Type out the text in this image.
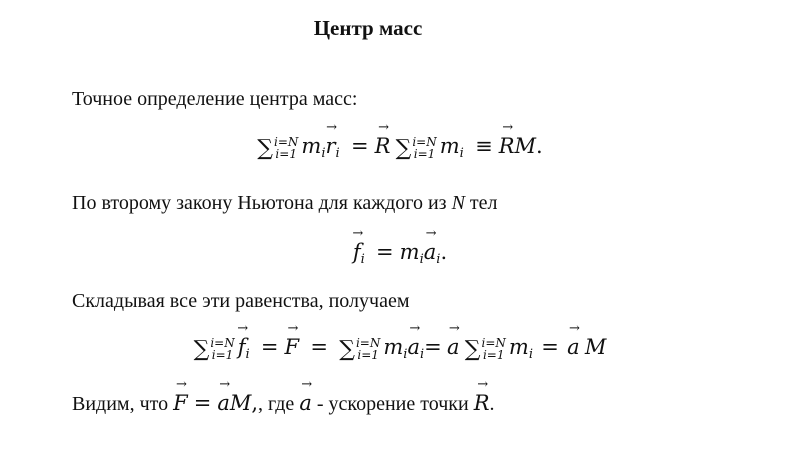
Центр масс
Точное определение центра масс:
∑ i=N
i=1 $m_i\to r_i =\to R$ ∑ i=N
i=1 $m_i$ ≡→ RM.
По второму закону Ньютона для каждого из N тел
→ $f_i = m_i\to a_i$.
Складывая все эти равенства, получаем
∑ i=N
i=1
→ $f_i =\to F$ = ∑ i=N
i=1 $m_i\to a_i= \to a$ ∑ i=N
i=1 $m_i$ = → a M
Видим, что → F =→ aM,, где → a - ускорение точки → R.
